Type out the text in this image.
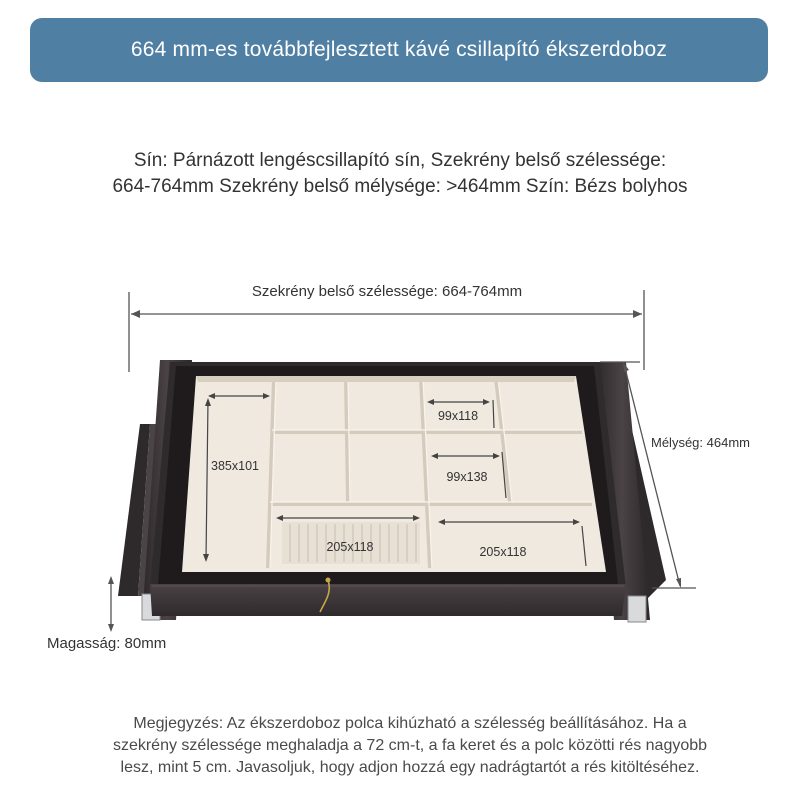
664 mm-es továbbfejlesztett kávé csillapító ékszerdoboz
Sín: Párnázott lengéscsillapító sín, Szekrény belső szélessége:
664-764mm Szekrény belső mélysége: >464mm Szín: Bézs bolyhos
Szekrény belső szélessége: 664-764mm
385x101
99x118
99x138
205x118	205x118
Mélység: 464mm
Magasság: 80mm
Megjegyzés: Az ékszerdoboz polca kihúzható a szélesség beállításához. Ha a
szekrény szélessége meghaladja a 72 cm-t, a fa keret és a polc közötti rés nagyobb
lesz, mint 5 cm. Javasoljuk, hogy adjon hozzá egy nadrágtartót a rés kitöltéséhez.
